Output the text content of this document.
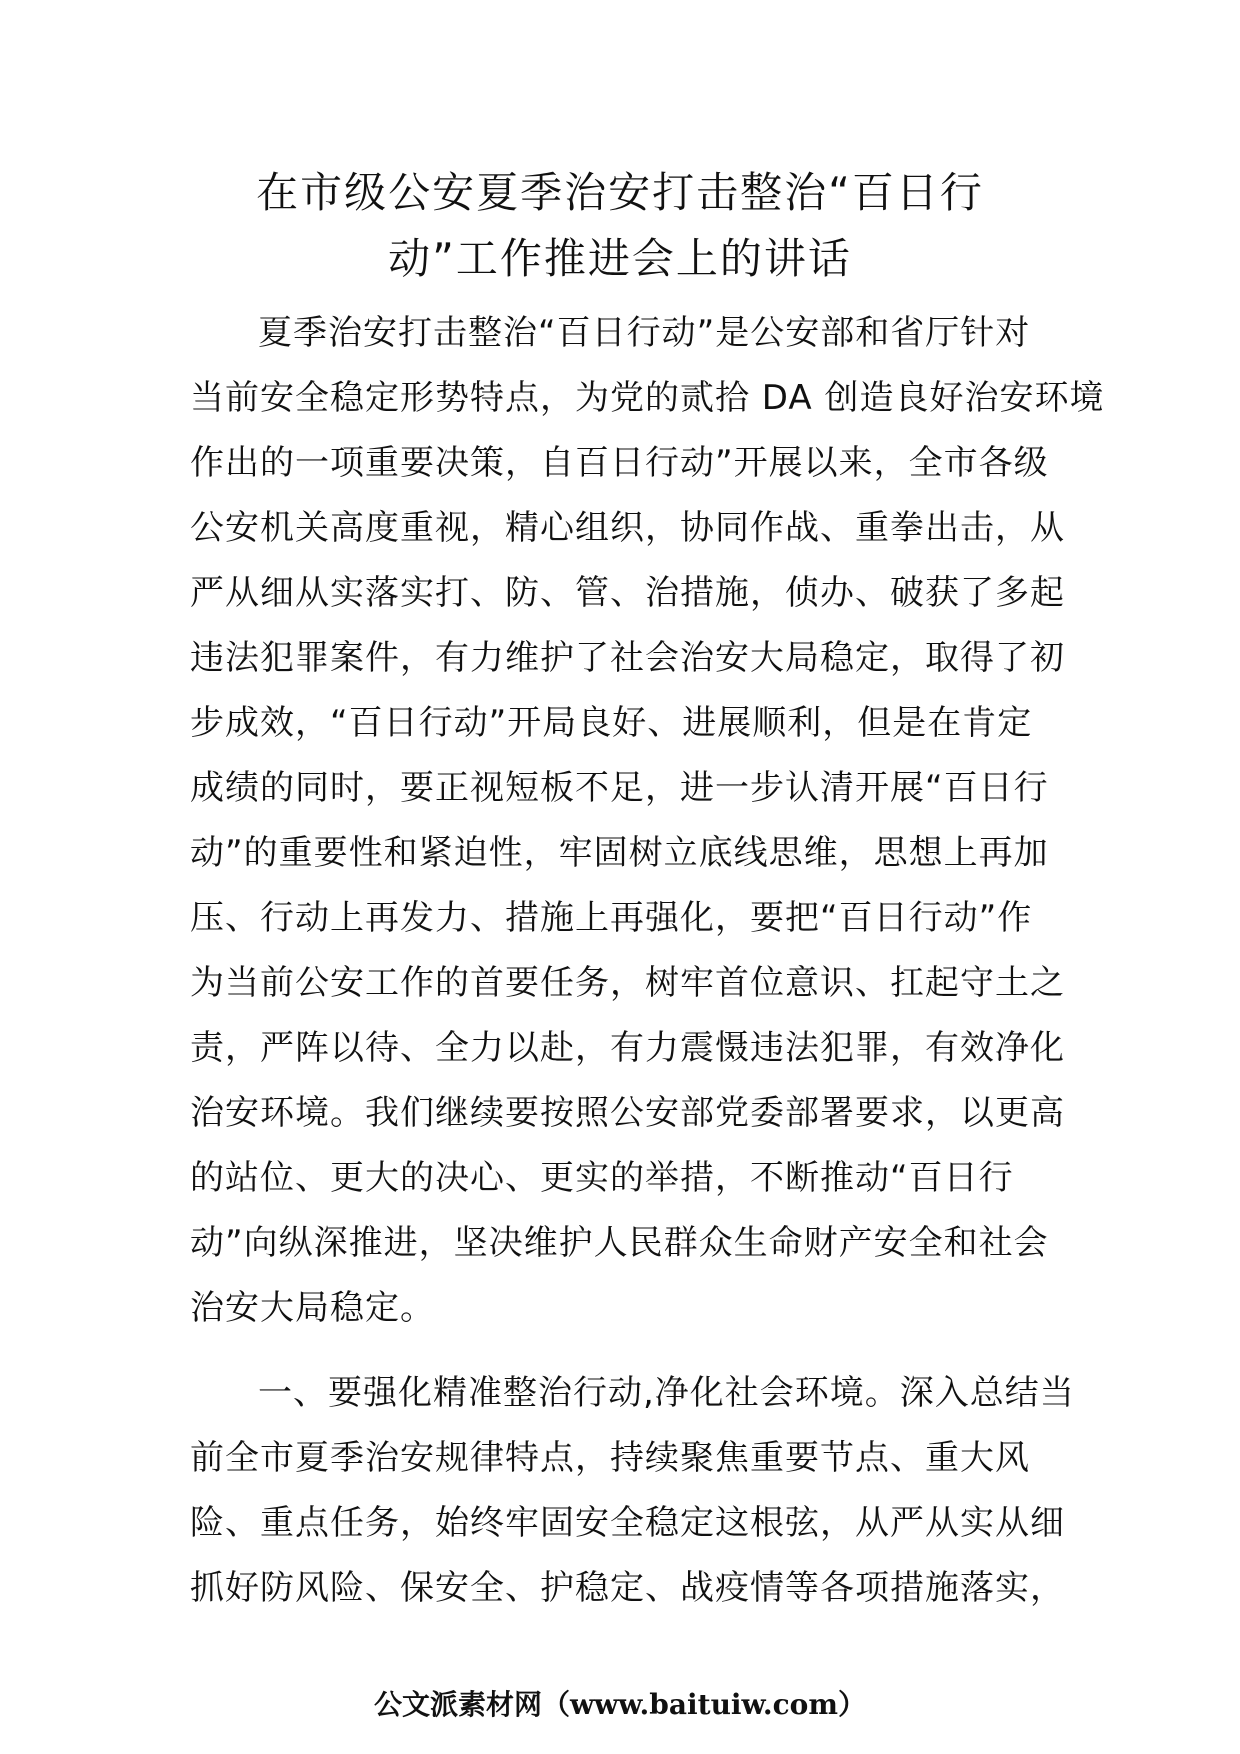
在市级公安夏季治安打击整治“百日行
动”工作推进会上的讲话
夏季治安打击整治“百日行动”是公安部和省厅针对
当前安全稳定形势特点，为党的贰拾 DA 创造良好治安环境
作出的一项重要决策，自百日行动”开展以来，全市各级
公安机关高度重视，精心组织，协同作战、重拳出击，从
严从细从实落实打、防、管、治措施，侦办、破获了多起
违法犯罪案件，有力维护了社会治安大局稳定，取得了初
步成效，“百日行动”开局良好、进展顺利，但是在肯定
成绩的同时，要正视短板不足，进一步认清开展“百日行
动”的重要性和紧迫性，牢固树立底线思维，思想上再加
压、行动上再发力、措施上再强化，要把“百日行动”作
为当前公安工作的首要任务，树牢首位意识、扛起守土之
责，严阵以待、全力以赴，有力震慑违法犯罪，有效净化
治安环境。我们继续要按照公安部党委部署要求，以更高
的站位、更大的决心、更实的举措，不断推动“百日行
动”向纵深推进，坚决维护人民群众生命财产安全和社会
治安大局稳定。
一、要强化精准整治行动,净化社会环境。深入总结当
前全市夏季治安规律特点，持续聚焦重要节点、重大风
险、重点任务，始终牢固安全稳定这根弦，从严从实从细
抓好防风险、保安全、护稳定、战疫情等各项措施落实，
公文派素材网（www.baituiw.com）
